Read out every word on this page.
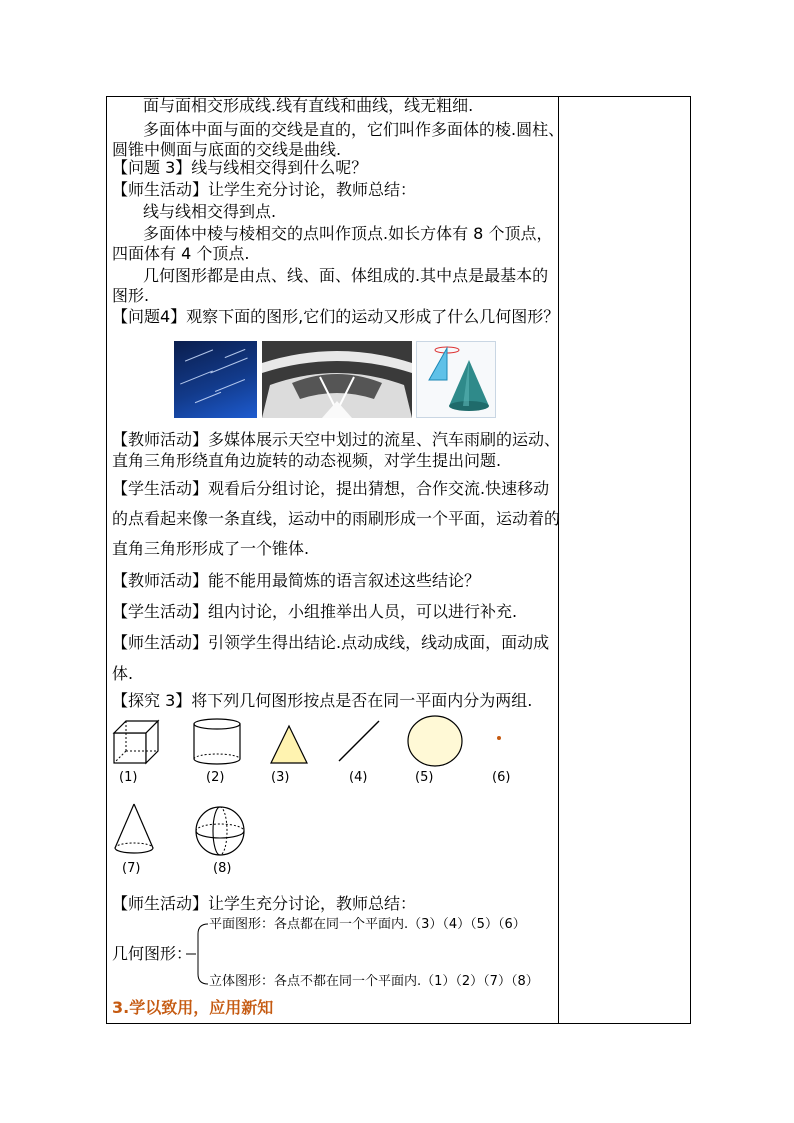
面与面相交形成线.线有直线和曲线，线无粗细.
多面体中面与面的交线是直的，它们叫作多面体的棱.圆柱、
圆锥中侧面与底面的交线是曲线.
【问题 3】线与线相交得到什么呢？
【师生活动】让学生充分讨论，教师总结：
线与线相交得到点.
多面体中棱与棱相交的点叫作顶点.如长方体有 8 个顶点，
四面体有 4 个顶点.
几何图形都是由点、线、面、体组成的.其中点是最基本的
图形.
【问题4】观察下面的图形,它们的运动又形成了什么几何图形？
【教师活动】多媒体展示天空中划过的流星、汽车雨刷的运动、
直角三角形绕直角边旋转的动态视频，对学生提出问题.
【学生活动】观看后分组讨论，提出猜想，合作交流.快速移动
的点看起来像一条直线，运动中的雨刷形成一个平面，运动着的
直角三角形形成了一个锥体.
【教师活动】能不能用最简炼的语言叙述这些结论？
【学生活动】组内讨论，小组推举出人员，可以进行补充.
【师生活动】引领学生得出结论.点动成线，线动成面，面动成
体.
【探究 3】将下列几何图形按点是否在同一平面内分为两组.
(1)	(2)	(3)	(4)	(5)	(6)
(7)	(8)
【师生活动】让学生充分讨论，教师总结：
几何图形：
平面图形：各点都在同一个平面内.（3）（4）（5）（6）
立体图形：各点不都在同一个平面内.（1）（2）（7）（8）
3.学以致用，应用新知
